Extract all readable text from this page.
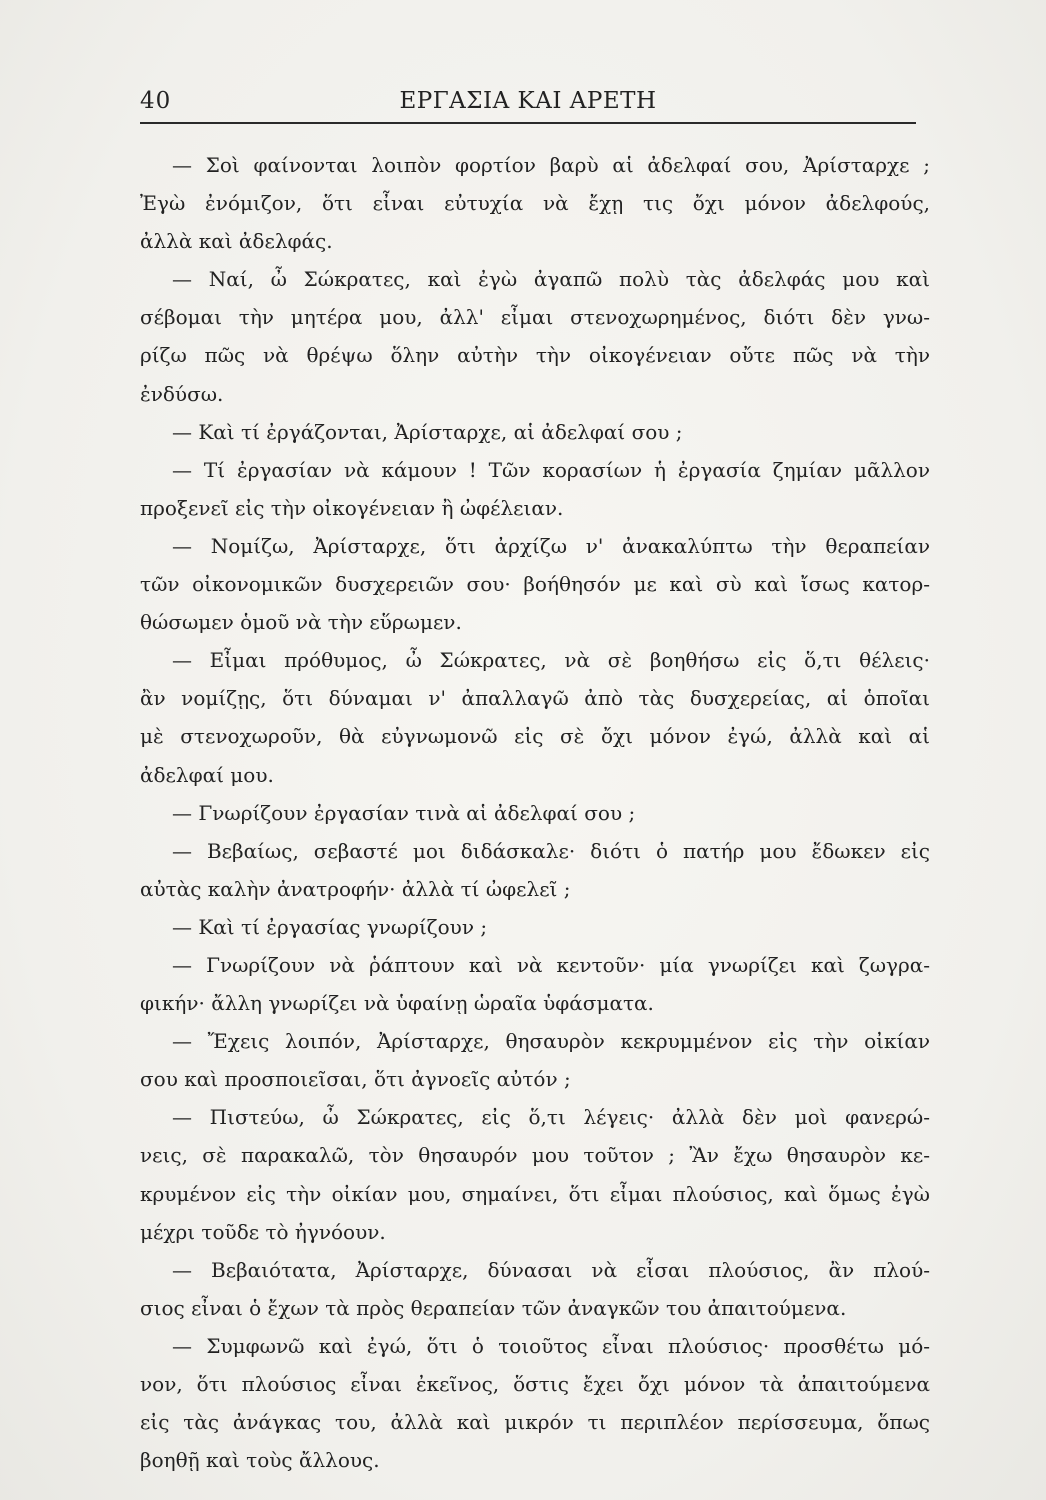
40	ΕΡΓΑΣΙΑ ΚΑΙ ΑΡΕΤΗ
— Σοὶ φαίνονται λοιπὸν φορτίον βαρὺ αἱ ἀδελφαί σου, Ἀρίσταρχε ;
Ἐγὼ ἐνόμιζον, ὅτι εἶναι εὐτυχία νὰ ἔχῃ τις ὄχι μόνον ἀδελφούς,
ἀλλὰ καὶ ἀδελφάς.
— Ναί, ὦ Σώκρατες, καὶ ἐγὼ ἀγαπῶ πολὺ τὰς ἀδελφάς μου καὶ
σέβομαι τὴν μητέρα μου, ἀλλ' εἶμαι στενοχωρημένος, διότι δὲν γνω-
ρίζω πῶς νὰ θρέψω ὅλην αὐτὴν τὴν οἰκογένειαν οὔτε πῶς νὰ τὴν
ἐνδύσω.
— Καὶ τί ἐργάζονται, Ἀρίσταρχε, αἱ ἀδελφαί σου ;
— Τί ἐργασίαν νὰ κάμουν ! Τῶν κορασίων ἡ ἐργασία ζημίαν μᾶλλον
προξενεῖ εἰς τὴν οἰκογένειαν ἢ ὠφέλειαν.
— Νομίζω, Ἀρίσταρχε, ὅτι ἀρχίζω ν' ἀνακαλύπτω τὴν θεραπείαν
τῶν οἰκονομικῶν δυσχερειῶν σου· βοήθησόν με καὶ σὺ καὶ ἴσως κατορ-
θώσωμεν ὁμοῦ νὰ τὴν εὕρωμεν.
— Εἶμαι πρόθυμος, ὦ Σώκρατες, νὰ σὲ βοηθήσω εἰς ὅ,τι θέλεις·
ἂν νομίζῃς, ὅτι δύναμαι ν' ἀπαλλαγῶ ἀπὸ τὰς δυσχερείας, αἱ ὁποῖαι
μὲ στενοχωροῦν, θὰ εὐγνωμονῶ εἰς σὲ ὄχι μόνον ἐγώ, ἀλλὰ καὶ αἱ
ἀδελφαί μου.
— Γνωρίζουν ἐργασίαν τινὰ αἱ ἀδελφαί σου ;
— Βεβαίως, σεβαστέ μοι διδάσκαλε· διότι ὁ πατήρ μου ἔδωκεν εἰς
αὐτὰς καλὴν ἀνατροφήν· ἀλλὰ τί ὠφελεῖ ;
— Καὶ τί ἐργασίας γνωρίζουν ;
— Γνωρίζουν νὰ ῥάπτουν καὶ νὰ κεντοῦν· μία γνωρίζει καὶ ζωγρα-
φικήν· ἄλλη γνωρίζει νὰ ὑφαίνῃ ὡραῖα ὑφάσματα.
— Ἔχεις λοιπόν, Ἀρίσταρχε, θησαυρὸν κεκρυμμένον εἰς τὴν οἰκίαν
σου καὶ προσποιεῖσαι, ὅτι ἀγνοεῖς αὐτόν ;
— Πιστεύω, ὦ Σώκρατες, εἰς ὅ,τι λέγεις· ἀλλὰ δὲν μοὶ φανερώ-
νεις, σὲ παρακαλῶ, τὸν θησαυρόν μου τοῦτον ; Ἂν ἔχω θησαυρὸν κε-
κρυμένον εἰς τὴν οἰκίαν μου, σημαίνει, ὅτι εἶμαι πλούσιος, καὶ ὅμως ἐγὼ
μέχρι τοῦδε τὸ ἠγνόουν.
— Βεβαιότατα, Ἀρίσταρχε, δύνασαι νὰ εἶσαι πλούσιος, ἂν πλού-
σιος εἶναι ὁ ἔχων τὰ πρὸς θεραπείαν τῶν ἀναγκῶν του ἀπαιτούμενα.
— Συμφωνῶ καὶ ἐγώ, ὅτι ὁ τοιοῦτος εἶναι πλούσιος· προσθέτω μό-
νον, ὅτι πλούσιος εἶναι ἐκεῖνος, ὅστις ἔχει ὄχι μόνον τὰ ἀπαιτούμενα
εἰς τὰς ἀνάγκας του, ἀλλὰ καὶ μικρόν τι περιπλέον περίσσευμα, ὅπως
βοηθῇ καὶ τοὺς ἄλλους.
